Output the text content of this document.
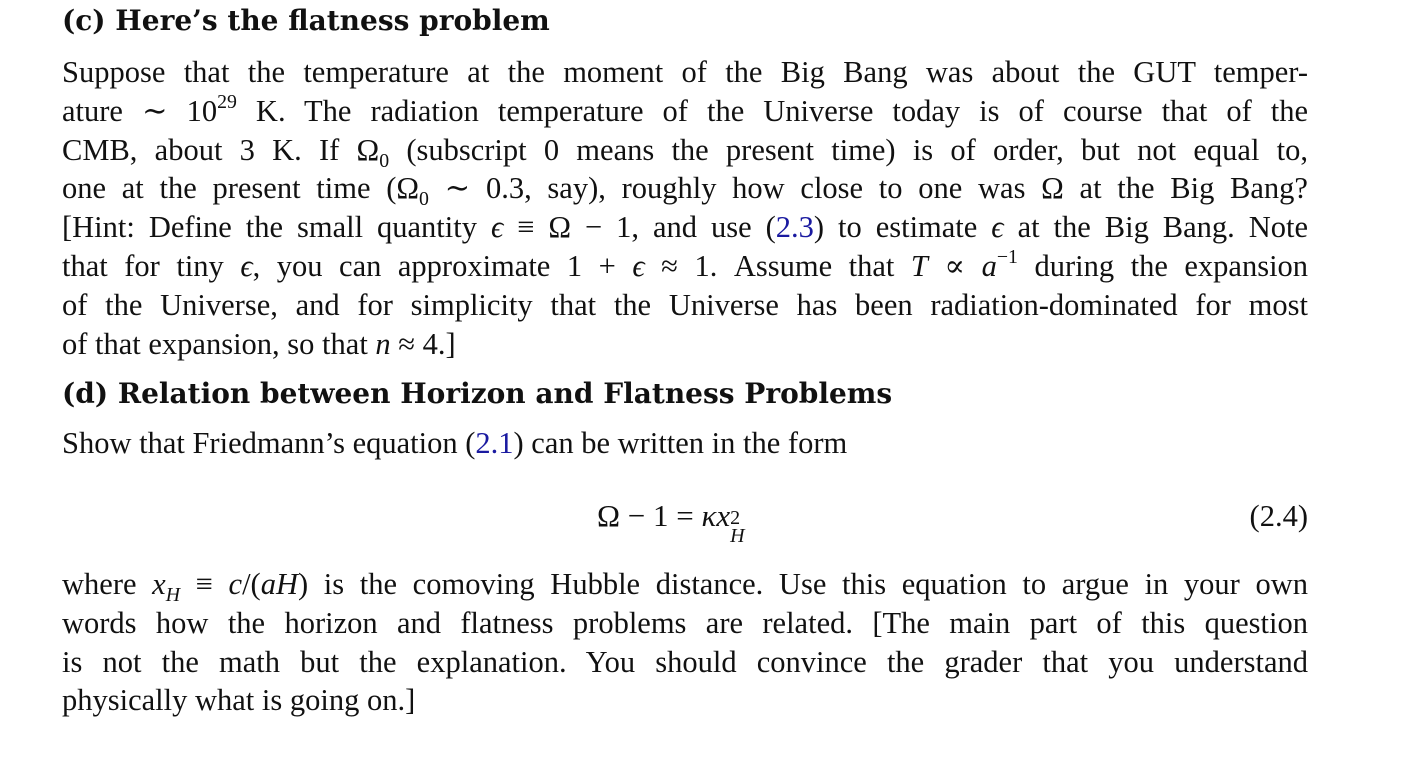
(c) Here’s the flatness problem
Suppose that the temperature at the moment of the Big Bang was about the GUT temper-
ature ∼ $10^{29}$ K. The radiation temperature of the Universe today is of course that of the
CMB, about 3 K. If $\Omega_0$ (subscript 0 means the present time) is of order, but not equal to,
one at the present time ($\Omega_0$ ∼ 0.3, say), roughly how close to one was Ω at the Big Bang?
[Hint: Define the small quantity ϵ ≡ Ω − 1, and use (2.3) to estimate ϵ at the Big Bang. Note
that for tiny ϵ, you can approximate 1 + ϵ ≈ 1. Assume that $T \propto a^{-1}$ during the expansion
of the Universe, and for simplicity that the Universe has been radiation-dominated for most
of that expansion, so that n ≈ 4.]
(d) Relation between Horizon and Flatness Problems
Show that Friedmann’s equation (2.1) can be written in the form
Ω − 1 = κx 2
H
(2.4)
where $x_H \equiv c/(aH)$ is the comoving Hubble distance. Use this equation to argue in your own
words how the horizon and flatness problems are related. [The main part of this question
is not the math but the explanation. You should convince the grader that you understand
physically what is going on.]
